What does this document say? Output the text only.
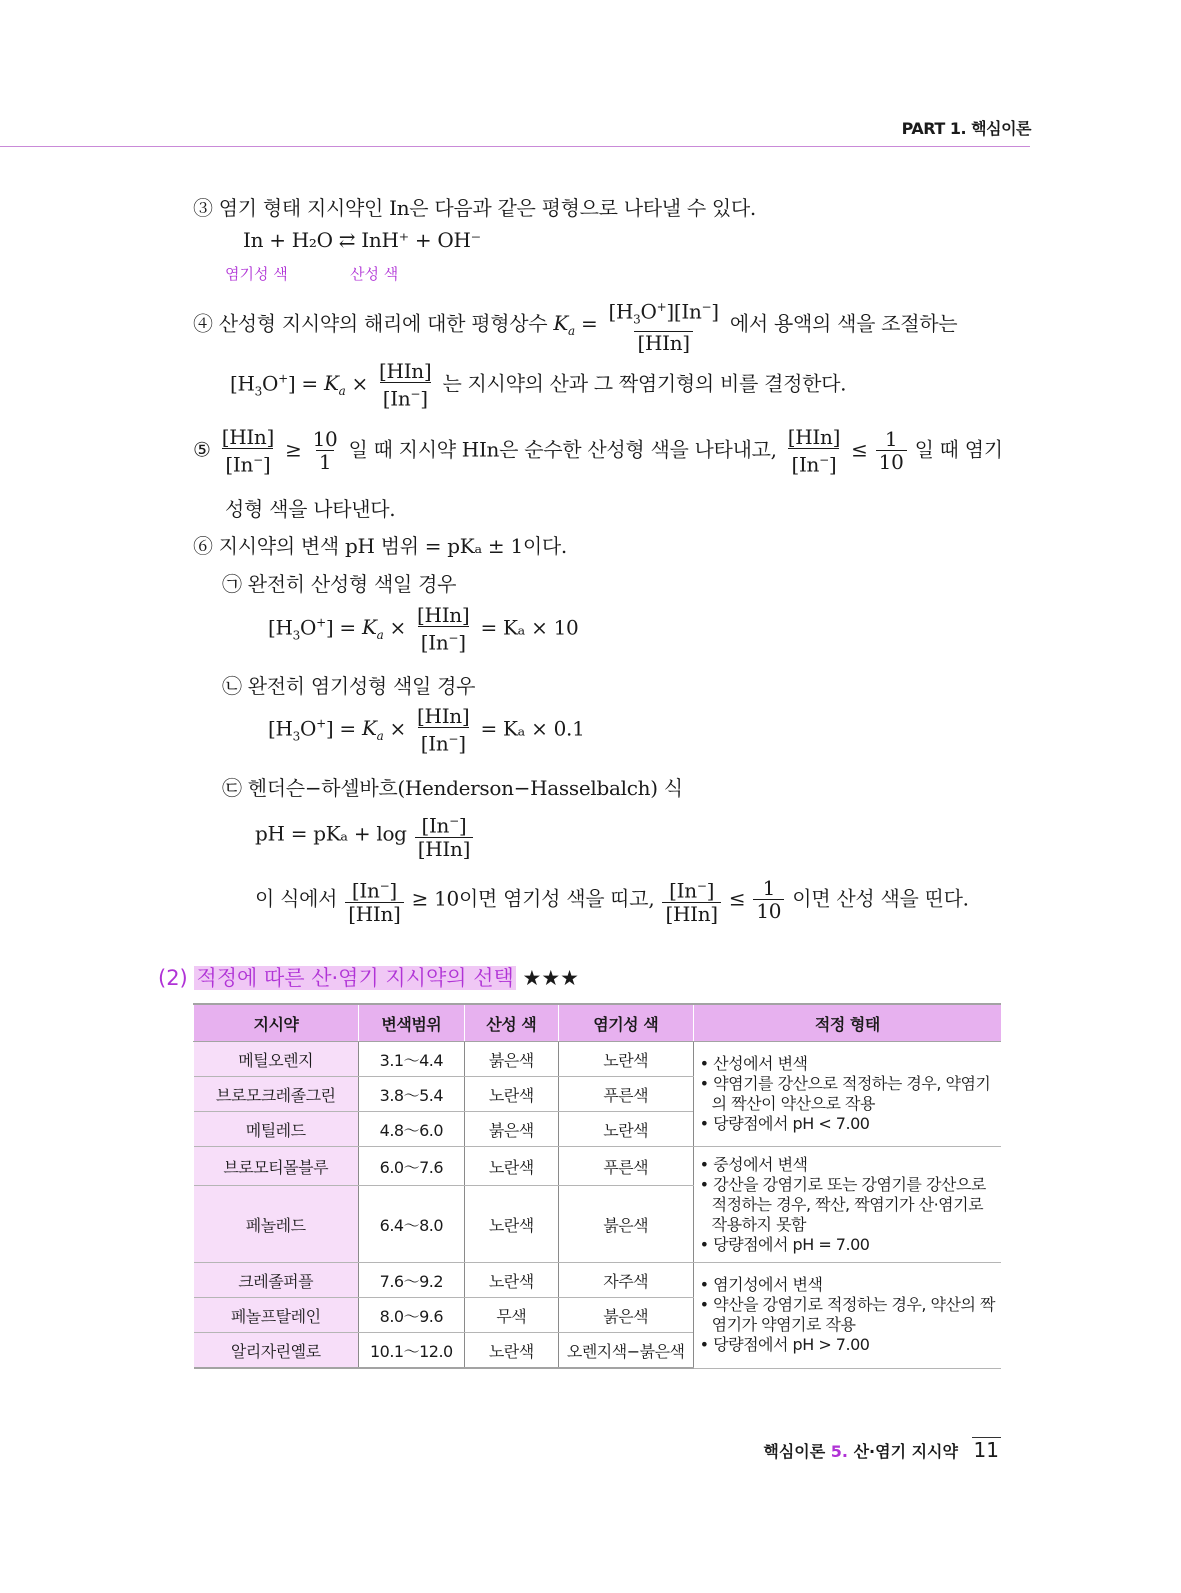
PART 1. 핵심이론
③ 염기 형태 지시약인 In은 다음과 같은 평형으로 나타낼 수 있다.
In + H₂O ⇄ InH⁺ + OH⁻
염기성 색	산성 색
④ 산성형 지시약의 해리에 대한 평형상수 $K_a = \frac{[H_3O^+][In^-]}{\text{[HIn]}}$ 에서 용액의 색을 조절하는
$[H_3O^+] = K_a \times \frac{\text{[HIn]}}{[In^-]}$ 는 지시약의 산과 그 짝염기형의 비를 결정한다.
⑤ $\frac{\text{[HIn]}}{[In^-]} \ge \frac{10}{1}$ 일 때 지시약 HIn은 순수한 산성형 색을 나타내고, $\frac{\text{[HIn]}}{[In^-]} \le \frac{1}{10}$ 일 때 염기
성형 색을 나타낸다.
⑥ 지시약의 변색 pH 범위 = pKₐ ± 1이다.
㉠ 완전히 산성형 색일 경우
$[H_3O^+] = K_a \times \frac{\text{[HIn]}}{[In^-]} = K_a \times 10$
㉡ 완전히 염기성형 색일 경우
$[H_3O^+] = K_a \times \frac{\text{[HIn]}}{[In^-]} = K_a \times 0.1$
㉢ 헨더슨−하셀바흐(Henderson−Hasselbalch) 식
pH = $pK_a + \log \frac{[In^-]}{\text{[HIn]}}$
이 식에서 $\frac{[In^-]}{\text{[HIn]}} \ge 10$이면 염기성 색을 띠고, $\frac{[In^-]}{\text{[HIn]}} \le \frac{1}{10}$ 이면 산성 색을 띤다.
(2) 적정에 따른 산·염기 지시약의 선택 ★★★
지시약	변색범위	산성 색	염기성 색	적정 형태
메틸오렌지	3.1～4.4	붉은색	노란색	• 산성에서 변색
• 약염기를 강산으로 적정하는 경우, 약염기의 짝산이 약산으로 작용
• 당량점에서 pH < 7.00

브로모크레졸그린	3.8～5.4	노란색	푸른색	
메틸레드	4.8～6.0	붉은색	노란색	
브로모티몰블루	6.0～7.6	노란색	푸른색	• 중성에서 변색
• 강산을 강염기로 또는 강염기를 강산으로 적정하는 경우, 짝산, 짝염기가 산·염기로 작용하지 못함
• 당량점에서 pH = 7.00

페놀레드	6.4～8.0	노란색	붉은색	
크레졸퍼플	7.6～9.2	노란색	자주색	• 염기성에서 변색
• 약산을 강염기로 적정하는 경우, 약산의 짝염기가 약염기로 작용
• 당량점에서 pH > 7.00

페놀프탈레인	8.0～9.6	무색	붉은색	
알리자린옐로	10.1～12.0	노란색	오렌지색−붉은색	
핵심이론 5. 산·염기 지시약 11
